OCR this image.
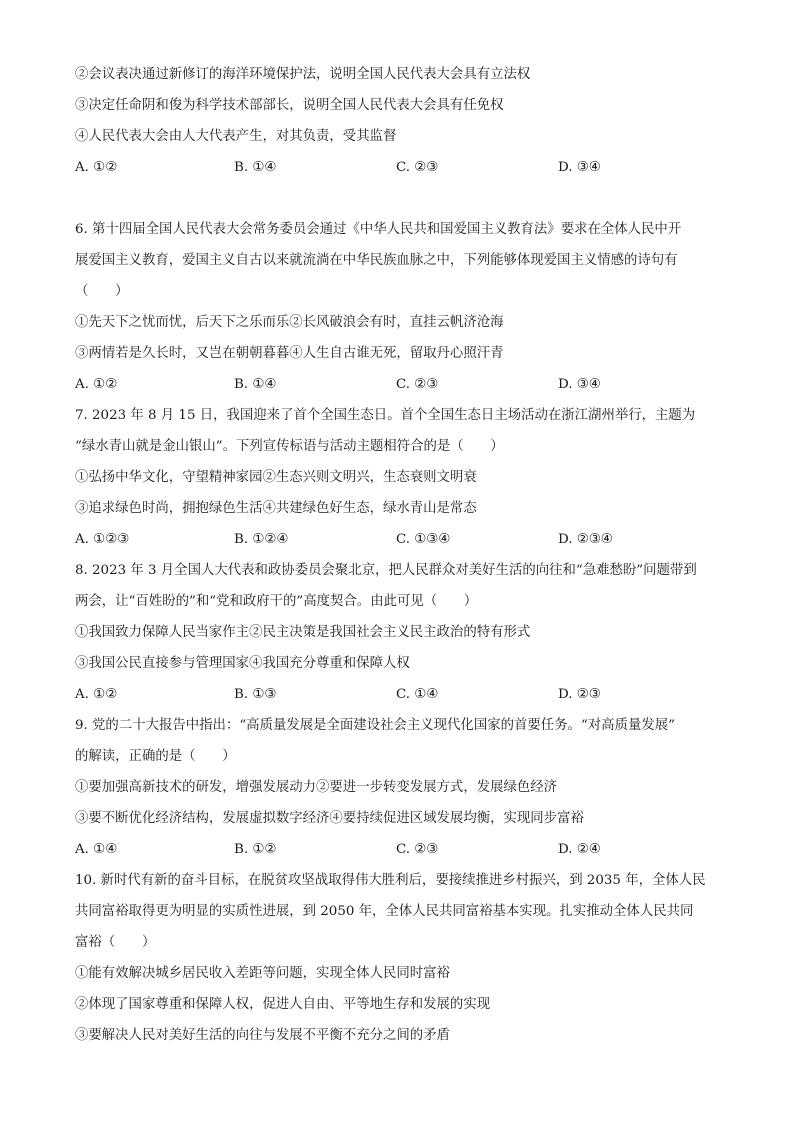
②会议表决通过新修订的海洋环境保护法，说明全国人民代表大会具有立法权
③决定任命阴和俊为科学技术部部长，说明全国人民代表大会具有任免权
④人民代表大会由人大代表产生，对其负责，受其监督
A. ①②	B. ①④	C. ②③	D. ③④
6. 第十四届全国人民代表大会常务委员会通过《中华人民共和国爱国主义教育法》要求在全体人民中开
展爱国主义教育，爱国主义自古以来就流淌在中华民族血脉之中，下列能够体现爱国主义情感的诗句有
（　　）
①先天下之忧而忧，后天下之乐而乐②长风破浪会有时，直挂云帆济沧海
③两情若是久长时，又岂在朝朝暮暮④人生自古谁无死，留取丹心照汗青
A. ①②	B. ①④	C. ②③	D. ③④
7. 2023 年 8 月 15 日，我国迎来了首个全国生态日。首个全国生态日主场活动在浙江湖州举行，主题为
“绿水青山就是金山银山”。下列宣传标语与活动主题相符合的是（　　）
①弘扬中华文化，守望精神家园②生态兴则文明兴，生态衰则文明衰
③追求绿色时尚，拥抱绿色生活④共建绿色好生态，绿水青山是常态
A. ①②③	B. ①②④	C. ①③④	D. ②③④
8. 2023 年 3 月全国人大代表和政协委员会聚北京，把人民群众对美好生活的向往和“急难愁盼”问题带到
两会，让“百姓盼的”和“党和政府干的”高度契合。由此可见（　　）
①我国致力保障人民当家作主②民主决策是我国社会主义民主政治的特有形式
③我国公民直接参与管理国家④我国充分尊重和保障人权
A. ①②	B. ①③	C. ①④	D. ②③
9. 党的二十大报告中指出：“高质量发展是全面建设社会主义现代化国家的首要任务。“对高质量发展”
的解读，正确的是（　　）
①要加强高新技术的研发，增强发展动力②要进一步转变发展方式，发展绿色经济
③要不断优化经济结构，发展虚拟数字经济④要持续促进区域发展均衡，实现同步富裕
A. ①④	B. ①②	C. ②③	D. ②④
10. 新时代有新的奋斗目标，在脱贫攻坚战取得伟大胜利后，要接续推进乡村振兴，到 2035 年，全体人民
共同富裕取得更为明显的实质性进展，到 2050 年，全体人民共同富裕基本实现。扎实推动全体人民共同
富裕（　　）
①能有效解决城乡居民收入差距等问题，实现全体人民同时富裕
②体现了国家尊重和保障人权，促进人自由、平等地生存和发展的实现
③要解决人民对美好生活的向往与发展不平衡不充分之间的矛盾
